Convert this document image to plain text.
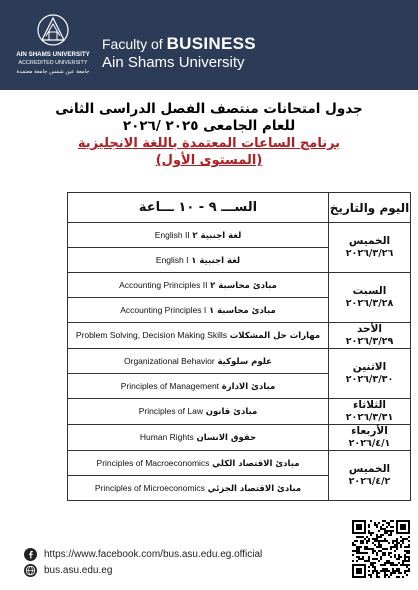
AIN SHAMS UNIVERSITY
ACCREDITED UNIVERSITY
جامعة عين شمس جامعة معتمدة
Faculty of BUSINESS
Ain Shams University
جدول امتحانات منتصف الفصل الدراسى الثانى
للعام الجامعى ٢٠٢٥ /٢٠٢٦
برنامج الساعات المعتمدة باللغة الانجليزية
(المستوى الأول)
اليوم والتاريخ	الســـ ٩ - ١٠ ـــاعة

الخميس
٢٠٢٦/٣/٢٦	لغة اجنبية ٢ English II
	لغة اجنبية ١ English I

السبت
٢٠٢٦/٣/٢٨	مبادئ محاسبة ٢ Accounting Principles II
	مبادئ محاسبة ١ Accounting Principles I

الأحد
٢٠٢٦/٣/٢٩	مهارات حل المشكلات Problem Solving, Decision Making Skills

الاثنين
٢٠٢٦/٣/٣٠	علوم سلوكية Organizational Behavior
	مبادئ الادارة Principles of Management

الثلاثاء
٢٠٢٦/٣/٣١	مبادئ قانون Principles of Law

الأربعاء
٢٠٢٦/٤/١	حقوق الانسان Human Rights

الخميس
٢٠٢٦/٤/٢	مبادئ الاقتصاد الكلي Principles of Macroeconomics
	مبادئ الاقتصاد الجزئي Principles of Microeconomics
https://www.facebook.com/bus.asu.edu.eg.official
bus.asu.edu.eg
